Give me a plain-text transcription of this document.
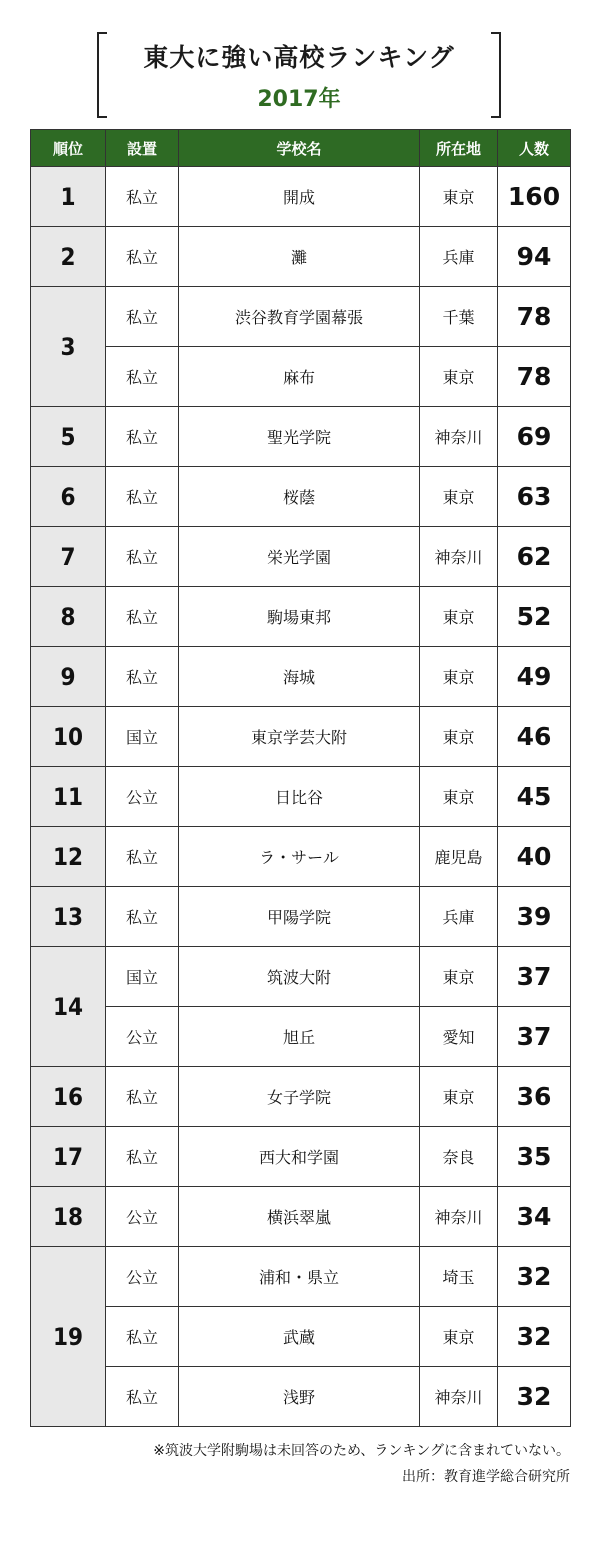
東大に強い高校ランキング
2017年
順位	設置	学校名	所在地	人数
1	私立	開成	東京	160
2	私立	灘	兵庫	94
3	私立	渋谷教育学園幕張	千葉	78
	私立	麻布	東京	78
5	私立	聖光学院	神奈川	69
6	私立	桜蔭	東京	63
7	私立	栄光学園	神奈川	62
8	私立	駒場東邦	東京	52
9	私立	海城	東京	49
10	国立	東京学芸大附	東京	46
11	公立	日比谷	東京	45
12	私立	ラ・サール	鹿児島	40
13	私立	甲陽学院	兵庫	39
14	国立	筑波大附	東京	37
	公立	旭丘	愛知	37
16	私立	女子学院	東京	36
17	私立	西大和学園	奈良	35
18	公立	横浜翠嵐	神奈川	34
19	公立	浦和・県立	埼玉	32
	私立	武蔵	東京	32
	私立	浅野	神奈川	32
※筑波大学附駒場は未回答のため、ランキングに含まれていない。
出所：教育進学総合研究所
